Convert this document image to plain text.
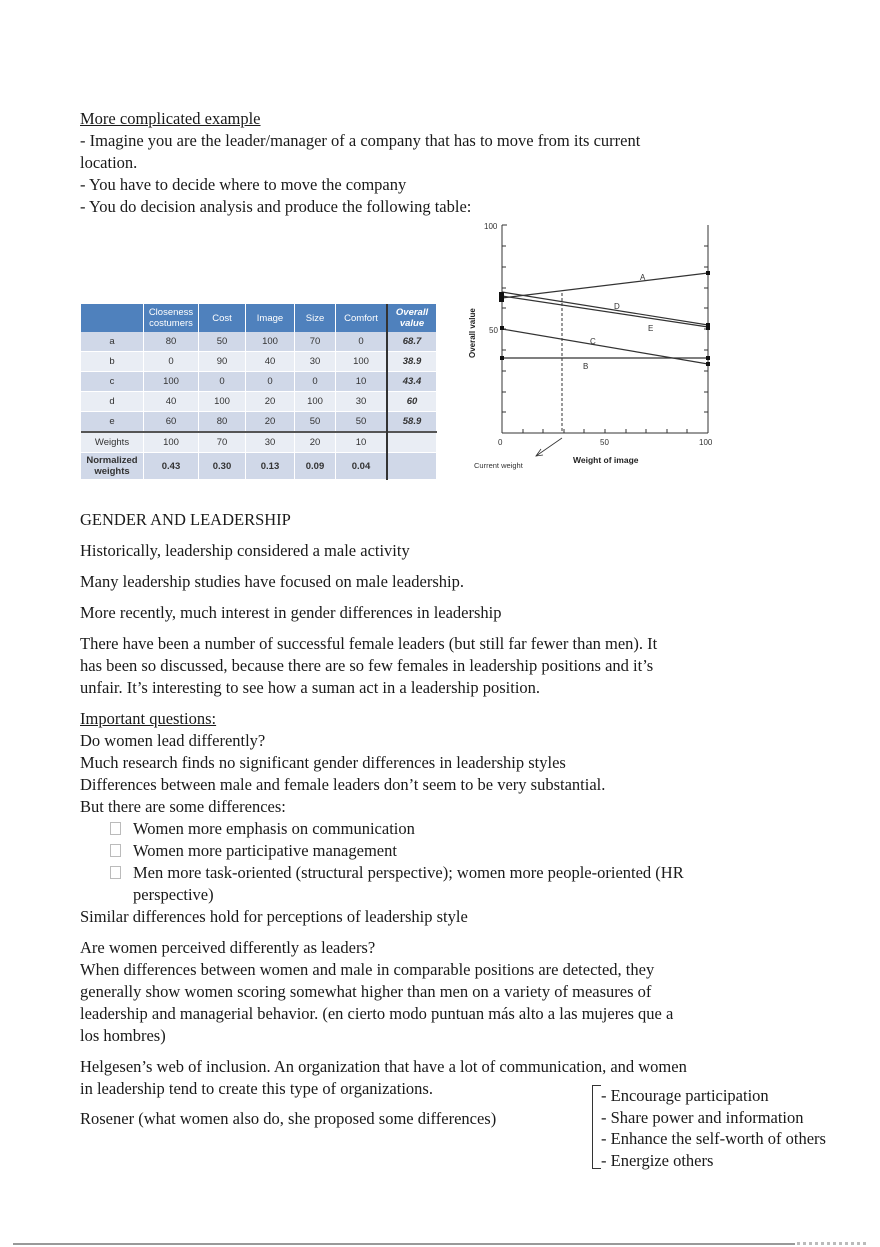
More complicated example
- Imagine you are the leader/manager of a company that has to move from its current
location.
- You have to decide where to move the company
- You do decision analysis and produce the following table:
	Closeness costumers	Cost	Image	Size	Comfort	Overall value
a	80	50	100	70	0	68.7
b	0	90	40	30	100	38.9
c	100	0	0	0	10	43.4
d	40	100	20	100	30	60
e	60	80	20	50	50	58.9
Weights	100	70	30	20	10	
Normalized weights	0.43	0.30	0.13	0.09	0.04	
A
D
E
C
B
100
50
0	50	100
Weight of image
Overall value
Current weight
GENDER AND LEADERSHIP
Historically, leadership considered a male activity
Many leadership studies have focused on male leadership.
More recently, much interest in gender differences in leadership
There have been a number of successful female leaders (but still far fewer than men). It
has been so discussed, because there are so few females in leadership positions and it’s
unfair. It’s interesting to see how a suman act in a leadership position.
Important questions:
Do women lead differently?
Much research finds no significant gender differences in leadership styles
Differences between male and female leaders don’t seem to be very substantial.
But there are some differences:
Women more emphasis on communication
Women more participative management
Men more task-oriented (structural perspective); women more people-oriented (HR
perspective)
Similar differences hold for perceptions of leadership style
Are women perceived differently as leaders?
When differences between women and male in comparable positions are detected, they
generally show women scoring somewhat higher than men on a variety of measures of
leadership and managerial behavior. (en cierto modo puntuan más alto a las mujeres que a
los hombres)
Helgesen’s web of inclusion. An organization that have a lot of communication, and women
in leadership tend to create this type of organizations.
Rosener (what women also do, she proposed some differences)
- Encourage participation
- Share power and information
- Enhance the self-worth of others
- Energize others
